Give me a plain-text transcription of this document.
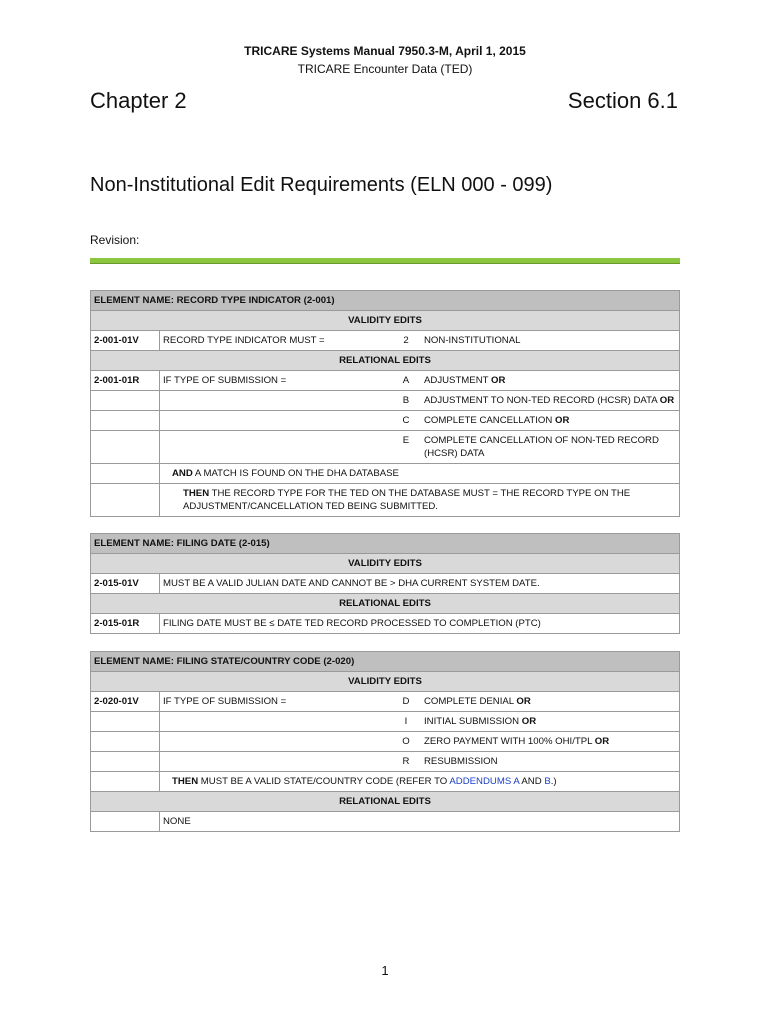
TRICARE Systems Manual 7950.3-M, April 1, 2015
TRICARE Encounter Data (TED)
Chapter 2	Section 6.1
Non-Institutional Edit Requirements (ELN 000 - 099)
Revision:
ELEMENT NAME: RECORD TYPE INDICATOR (2-001)			
VALIDITY EDITS			
2-001-01V	RECORD TYPE INDICATOR MUST =	2	NON-INSTITUTIONAL
RELATIONAL EDITS			
2-001-01R	IF TYPE OF SUBMISSION =	A	ADJUSTMENT OR
		B	ADJUSTMENT TO NON-TED RECORD (HCSR) DATA OR
		C	COMPLETE CANCELLATION OR
		E	COMPLETE CANCELLATION OF NON-TED RECORD (HCSR) DATA
	AND A MATCH IS FOUND ON THE DHA DATABASE		
	THEN THE RECORD TYPE FOR THE TED ON THE DATABASE MUST = THE RECORD TYPE ON THE ADJUSTMENT/CANCELLATION TED BEING SUBMITTED.		
ELEMENT NAME: FILING DATE (2-015)	
VALIDITY EDITS	
2-015-01V	MUST BE A VALID JULIAN DATE AND CANNOT BE > DHA CURRENT SYSTEM DATE.
RELATIONAL EDITS	
2-015-01R	FILING DATE MUST BE ≤ DATE TED RECORD PROCESSED TO COMPLETION (PTC)
ELEMENT NAME: FILING STATE/COUNTRY CODE (2-020)			
VALIDITY EDITS			
2-020-01V	IF TYPE OF SUBMISSION =	D	COMPLETE DENIAL OR
		I	INITIAL SUBMISSION OR
		O	ZERO PAYMENT WITH 100% OHI/TPL OR
		R	RESUBMISSION
	THEN MUST BE A VALID STATE/COUNTRY CODE (REFER TO ADDENDUMS A AND B.)		
RELATIONAL EDITS			
	NONE		
1
